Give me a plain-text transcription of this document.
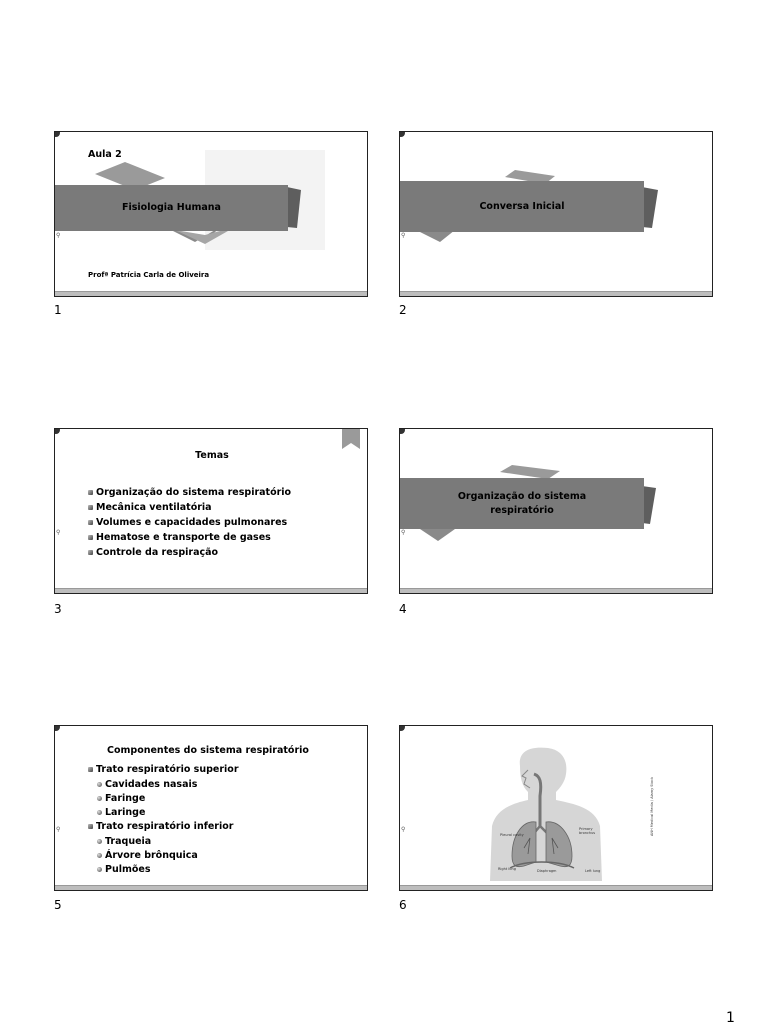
Aula 2
Fisiologia Humana
⚲
Profª Patrícia Carla de Oliveira
1
Conversa Inicial
⚲
2
Temas
Organização do sistema respiratório
Mecânica ventilatória
Volumes e capacidades pulmonares
Hematose e transporte de gases
Controle da respiração
⚲
3
Organização do sistema
respiratório
⚲
4
Componentes do sistema respiratório
Trato respiratório superior
Cavidades nasais
Faringe
Laringe
Trato respiratório inferior
Traqueia
Árvore brônquica
Pulmões
⚲
5
Pleural cavity
Primary bronchus
Right lung	Diaphragm	Left lung
ANH Medical Media / Alamy Stock
⚲
6
1
